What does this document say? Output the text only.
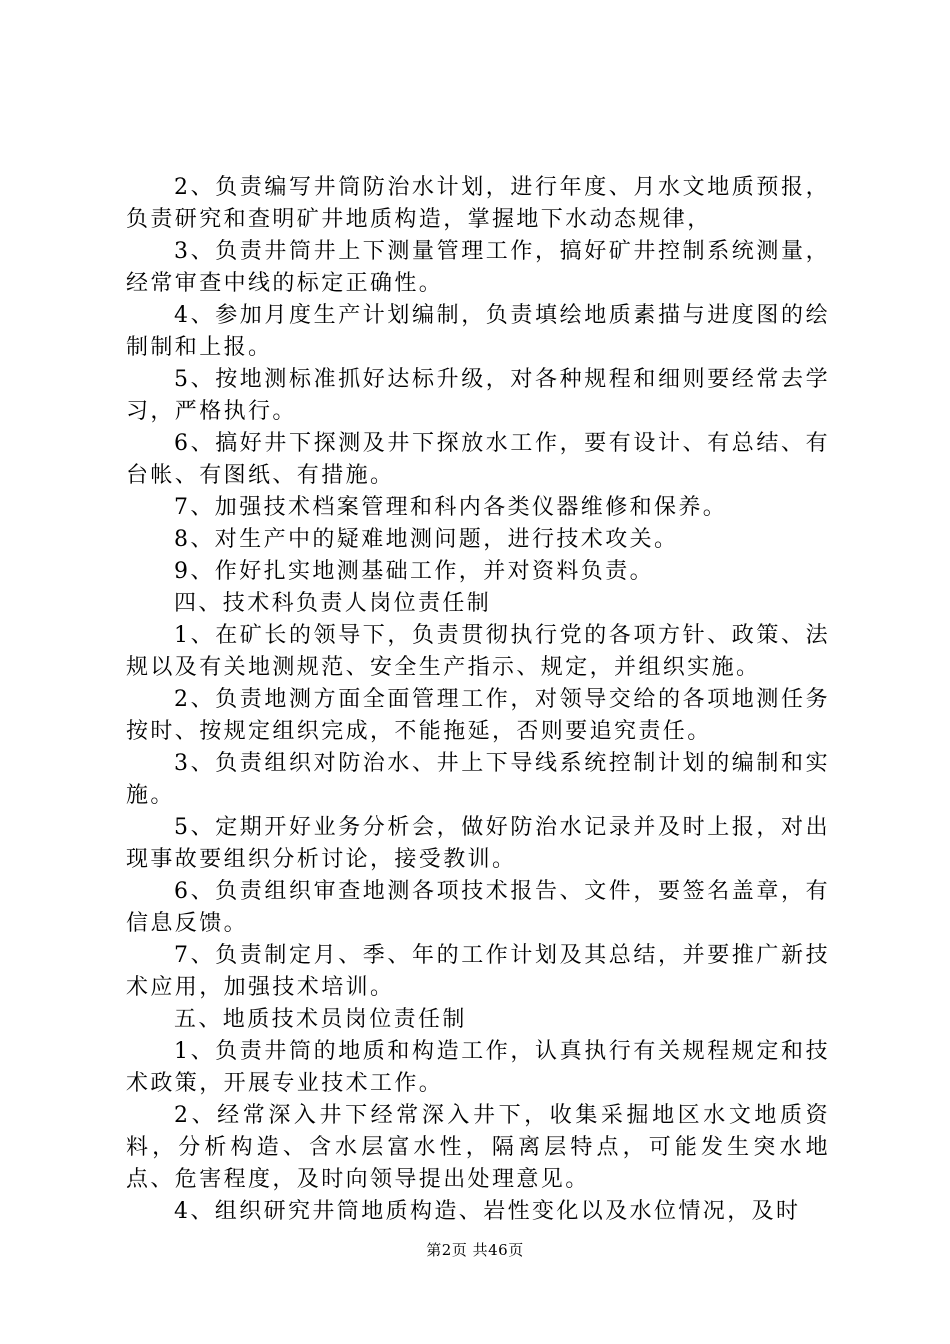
2、负责编写井筒防治水计划，进行年度、月水文地质预报，负责研究和查明矿井地质构造，掌握地下水动态规律，

3、负责井筒井上下测量管理工作，搞好矿井控制系统测量，经常审查中线的标定正确性。

4、参加月度生产计划编制，负责填绘地质素描与进度图的绘制制和上报。

5、按地测标准抓好达标升级，对各种规程和细则要经常去学习，严格执行。

6、搞好井下探测及井下探放水工作，要有设计、有总结、有台帐、有图纸、有措施。

7、加强技术档案管理和科内各类仪器维修和保养。

8、对生产中的疑难地测问题，进行技术攻关。

9、作好扎实地测基础工作，并对资料负责。

四、技术科负责人岗位责任制

1、在矿长的领导下，负责贯彻执行党的各项方针、政策、法规以及有关地测规范、安全生产指示、规定，并组织实施。

2、负责地测方面全面管理工作，对领导交给的各项地测任务按时、按规定组织完成，不能拖延，否则要追究责任。

3、负责组织对防治水、井上下导线系统控制计划的编制和实施。

5、定期开好业务分析会，做好防治水记录并及时上报，对出现事故要组织分析讨论，接受教训。

6、负责组织审查地测各项技术报告、文件，要签名盖章，有信息反馈。

7、负责制定月、季、年的工作计划及其总结，并要推广新技术应用，加强技术培训。

五、地质技术员岗位责任制

1、负责井筒的地质和构造工作，认真执行有关规程规定和技术政策，开展专业技术工作。

2、经常深入井下经常深入井下，收集采掘地区水文地质资料，分析构造、含水层富水性，隔离层特点，可能发生突水地点、危害程度，及时向领导提出处理意见。

4、组织研究井筒地质构造、岩性变化以及水位情况，及时

第2页 共46页
